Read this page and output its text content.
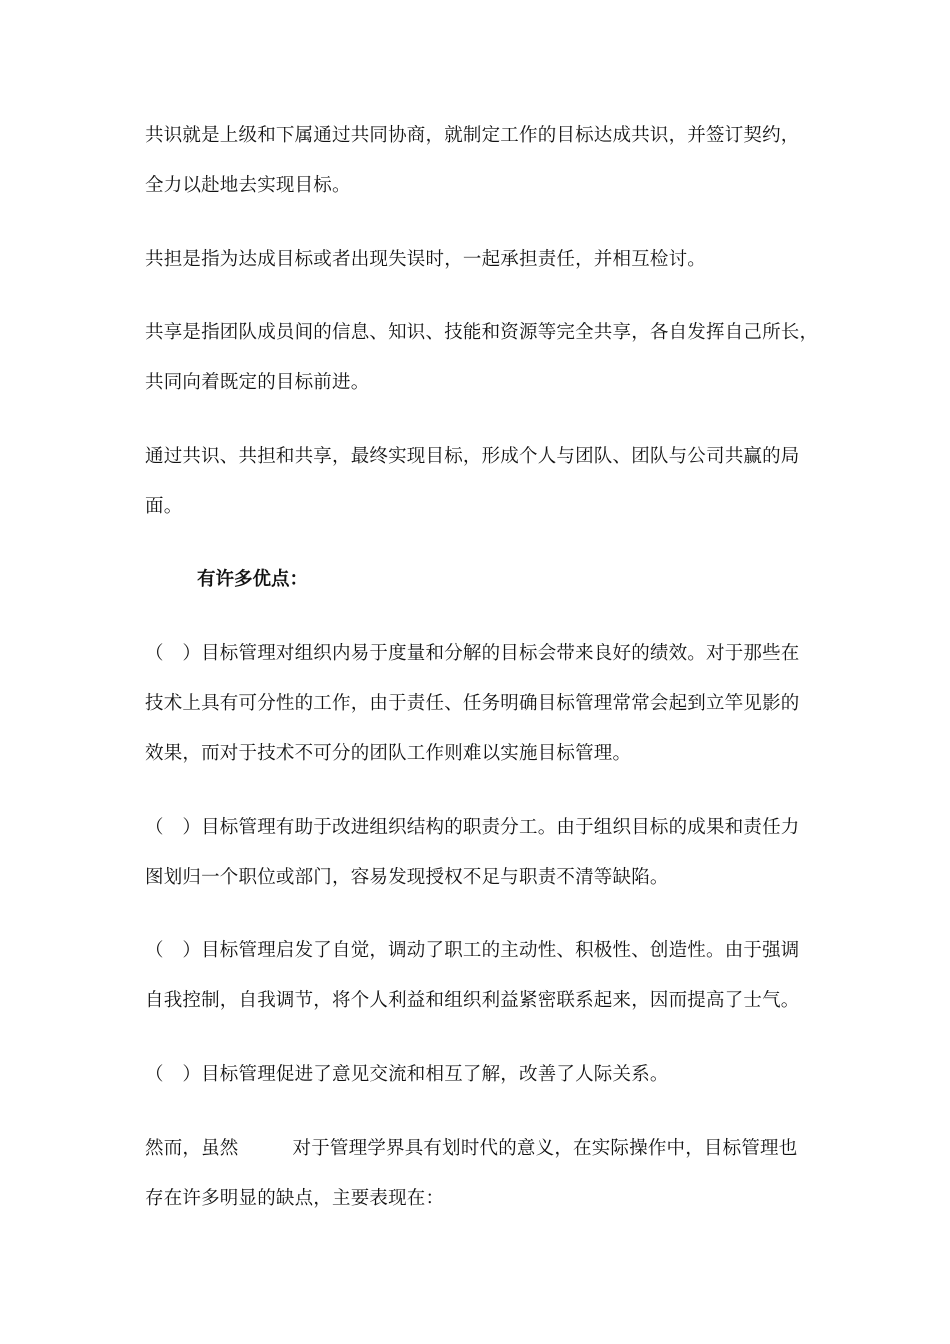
共识就是上级和下属通过共同协商，就制定工作的目标达成共识，并签订契约，
全力以赴地去实现目标。
共担是指为达成目标或者出现失误时，一起承担责任，并相互检讨。
共享是指团队成员间的信息、知识、技能和资源等完全共享，各自发挥自己所长，
共同向着既定的目标前进。
通过共识、共担和共享，最终实现目标，形成个人与团队、团队与公司共赢的局
面。
有许多优点：
（　）目标管理对组织内易于度量和分解的目标会带来良好的绩效。对于那些在
技术上具有可分性的工作，由于责任、任务明确目标管理常常会起到立竿见影的
效果，而对于技术不可分的团队工作则难以实施目标管理。
（　）目标管理有助于改进组织结构的职责分工。由于组织目标的成果和责任力
图划归一个职位或部门，容易发现授权不足与职责不清等缺陷。
（　）目标管理启发了自觉，调动了职工的主动性、积极性、创造性。由于强调
自我控制，自我调节，将个人利益和组织利益紧密联系起来，因而提高了士气。
（　）目标管理促进了意见交流和相互了解，改善了人际关系。
然而，虽然	对于管理学界具有划时代的意义，在实际操作中，目标管理也
存在许多明显的缺点，主要表现在：
